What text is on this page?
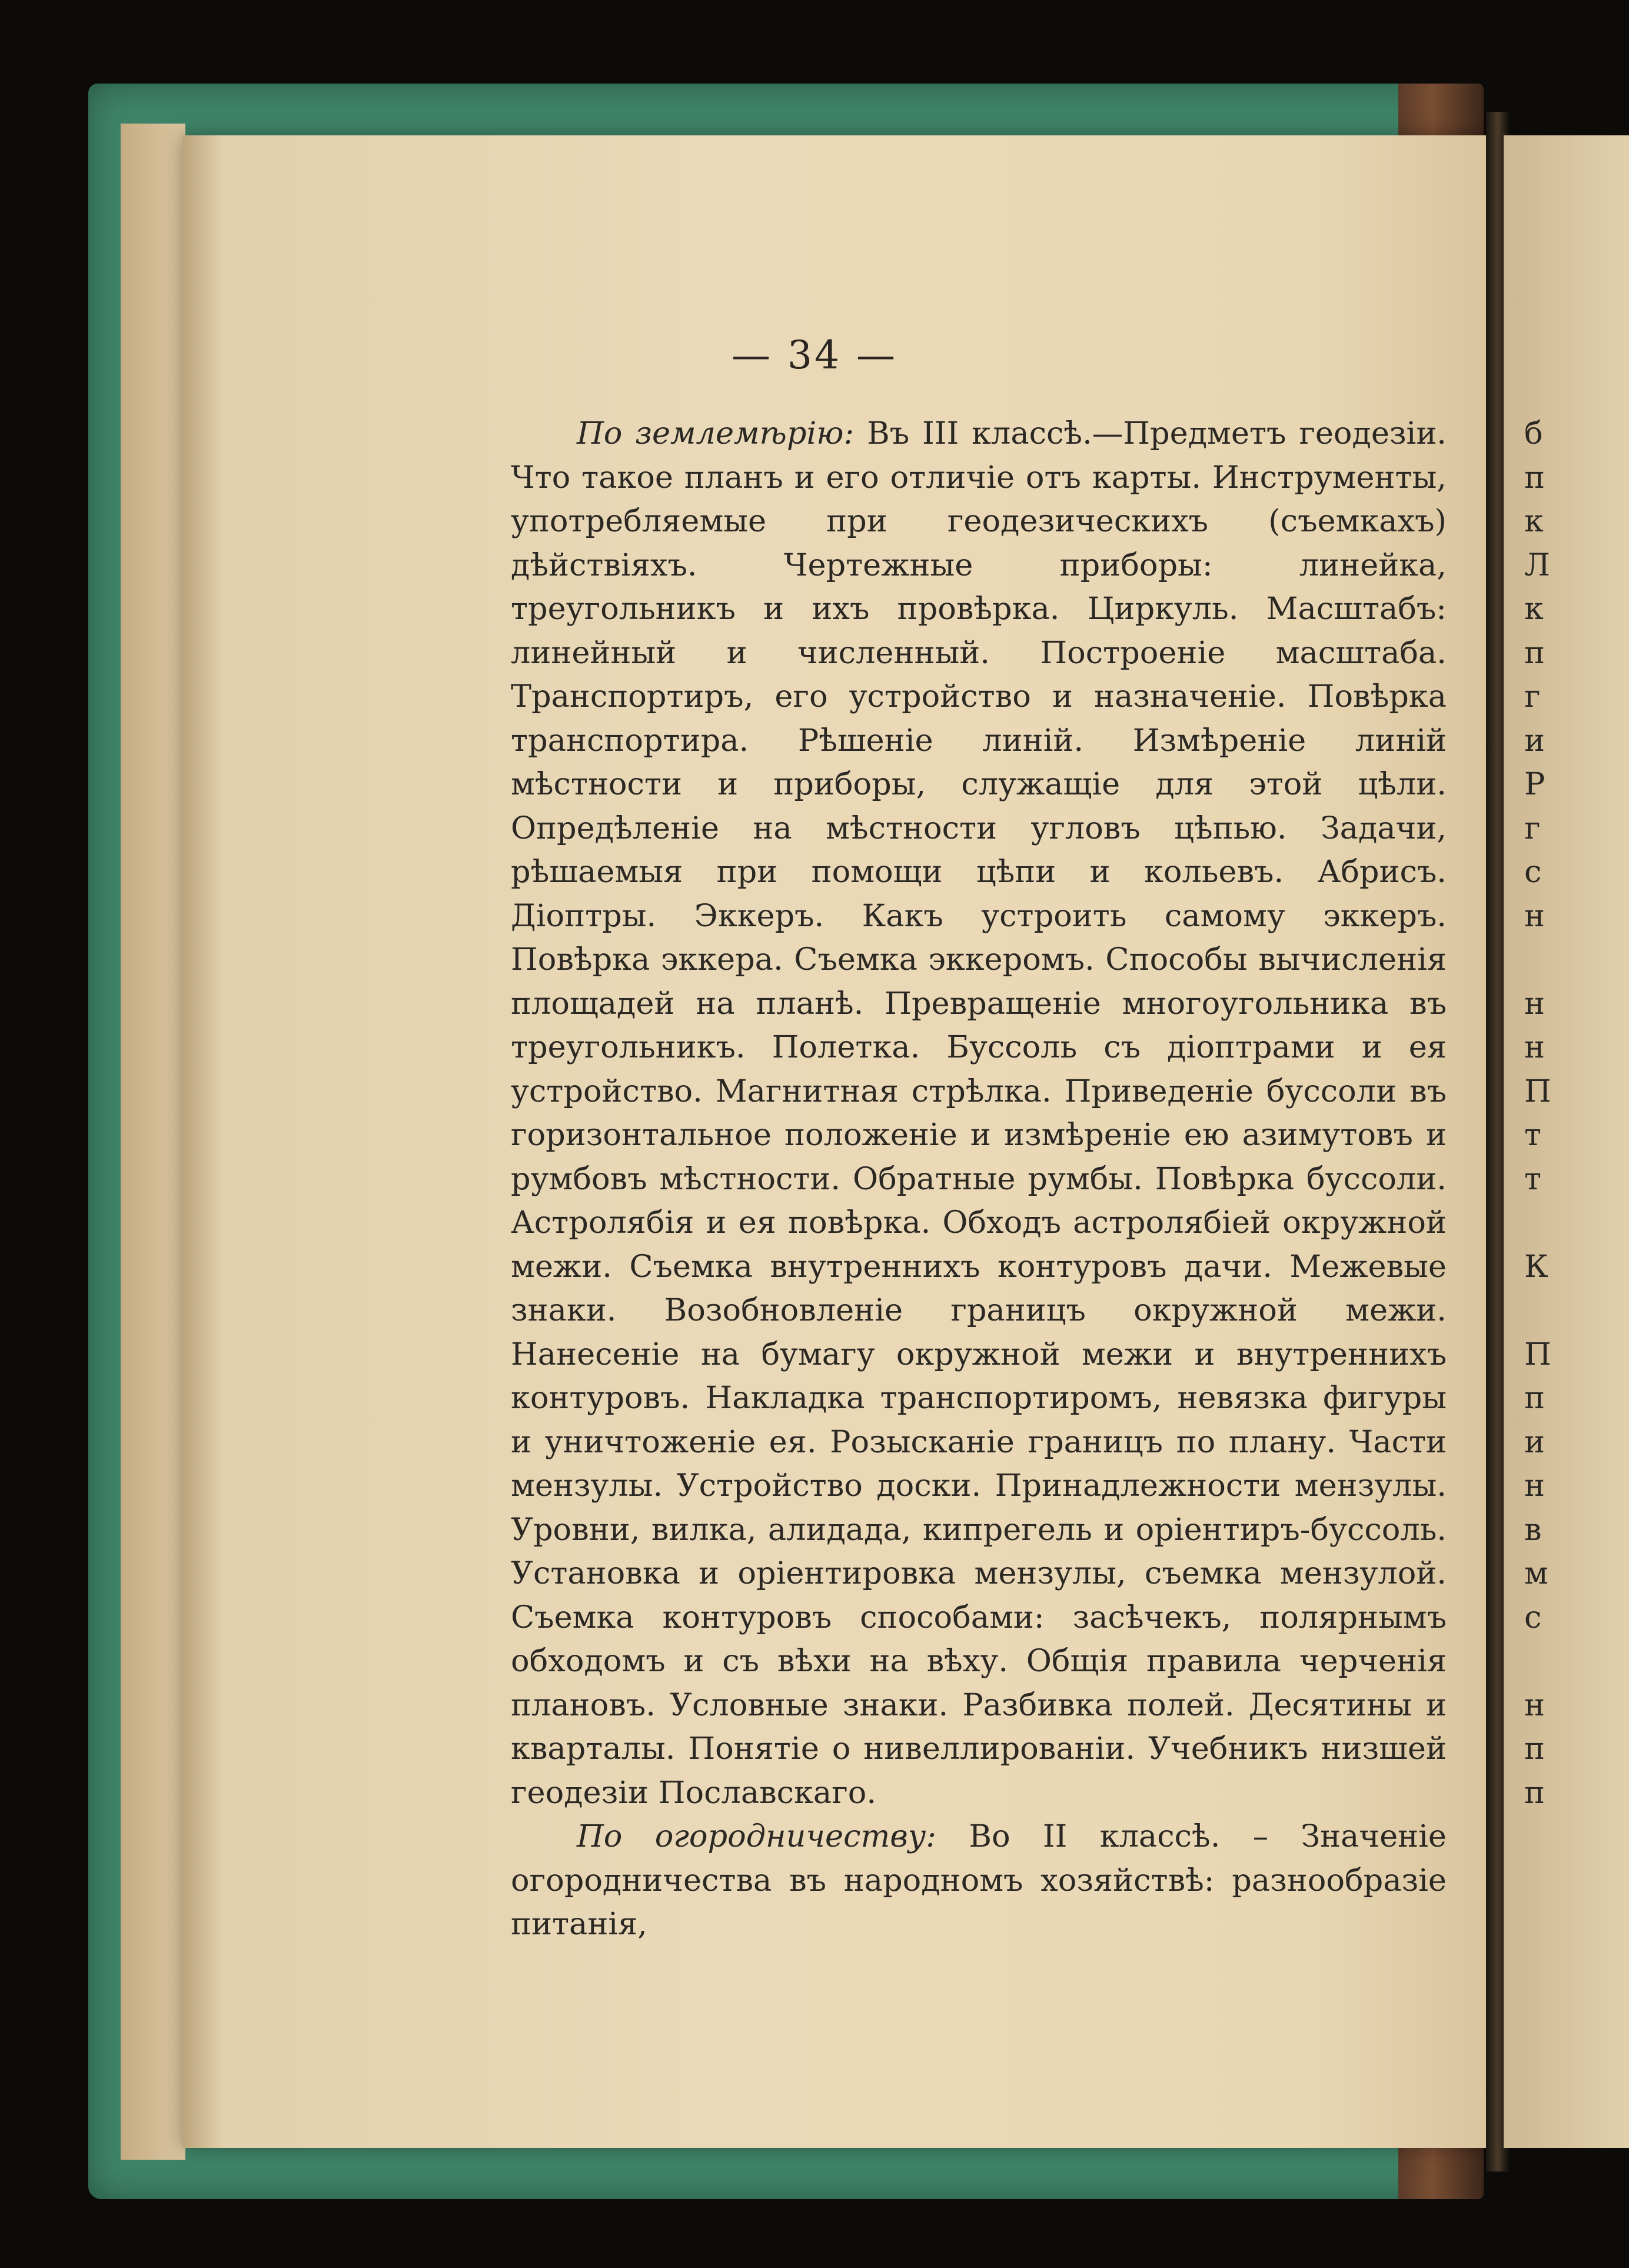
— 34 —

По землемѣрію: Въ III классѣ.—Предметъ геодезіи. Что такое планъ и его отличіе отъ карты. Инструменты, употребляемые при геодезическихъ (съемкахъ) дѣйствіяхъ. Чертежные приборы: линейка, треугольникъ и ихъ провѣрка. Циркуль. Масштабъ: линейный и численный. Построеніе масштаба. Транспортиръ, его устройство и назначеніе. Повѣрка транспортира. Рѣшеніе линій. Измѣреніе линій мѣстности и приборы, служащіе для этой цѣли. Опредѣленіе на мѣстности угловъ цѣпью. Задачи, рѣшаемыя при помощи цѣпи и кольевъ. Абрисъ. Діоптры. Эккеръ. Какъ устроить самому эккеръ. Повѣрка эккера. Съемка эккеромъ. Способы вычисленія площадей на планѣ. Превращеніе многоугольника въ треугольникъ. Полетка. Буссоль съ діоптрами и ея устройство. Магнитная стрѣлка. Приведеніе буссоли въ горизонтальное положеніе и измѣреніе ею азимутовъ и румбовъ мѣстности. Обратные румбы. Повѣрка буссоли. Астролябія и ея повѣрка. Обходъ астролябіей окружной межи. Съемка внутреннихъ контуровъ дачи. Межевые знаки. Возобновленіе границъ окружной межи. Нанесеніе на бумагу окружной межи и внутреннихъ контуровъ. Накладка транспортиромъ, невязка фигуры и уничтоженіе ея. Розысканіе границъ по плану. Части мензулы. Устройство доски. Принадлежности мензулы. Уровни, вилка, алидада, кипрегель и оріентиръ-буссоль. Установка и оріентировка мензулы, съемка мензулой. Съемка контуровъ способами: засѣчекъ, полярнымъ обходомъ и съ вѣхи на вѣху. Общія правила черченія плановъ. Условные знаки. Разбивка полей. Десятины и кварталы. Понятіе о нивеллированіи. Учебникъ низшей геодезіи Пославскаго.

По огородничеству: Во II классѣ. – Значеніе огородничества въ народномъ хозяйствѣ: разнообразіе питанія,

б
п
к
Л
к
п
г
и
Р
г
с
н
н
н
П
т
т
К
П
п
и
н
в
м
с
н
п
п
